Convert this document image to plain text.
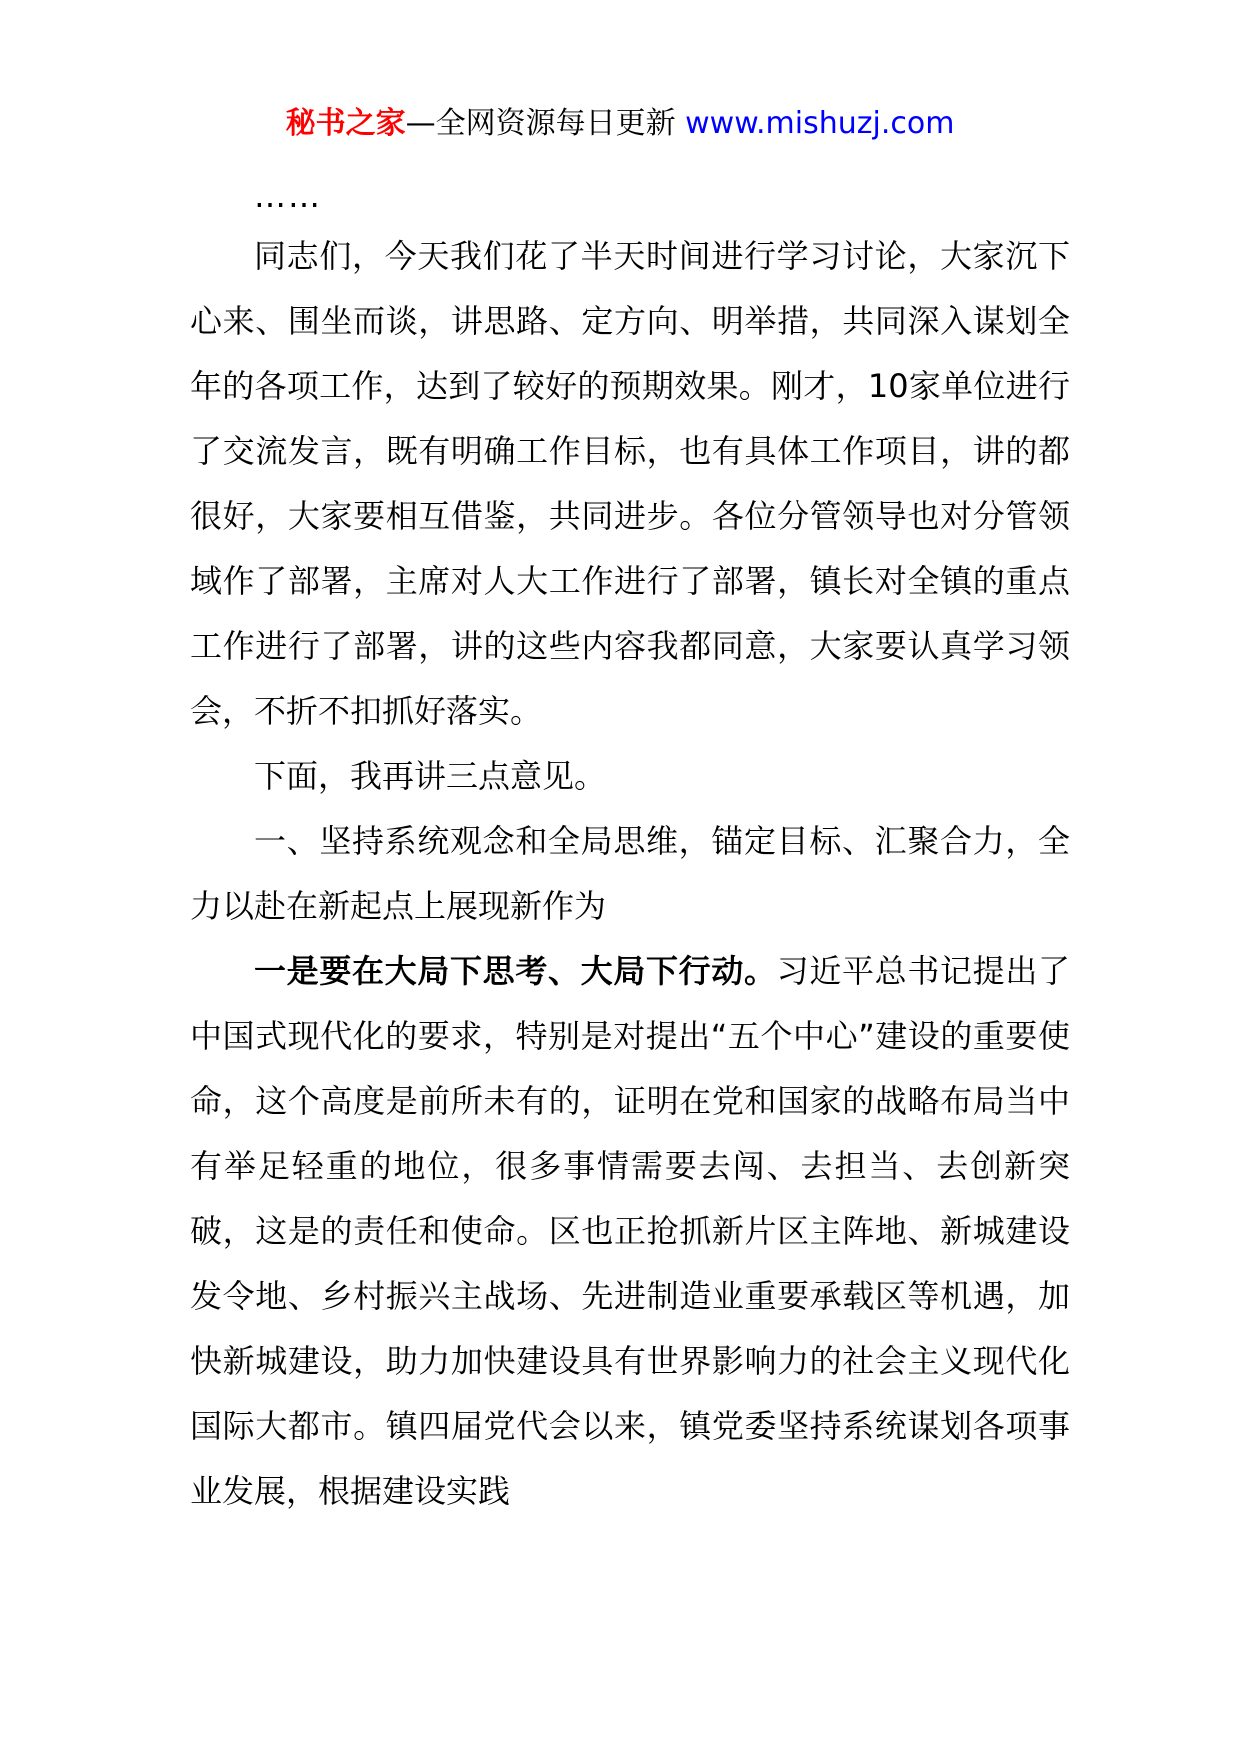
秘书之家—全网资源每日更新 www.mishuzj.com

……

同志们，今天我们花了半天时间进行学习讨论，大家沉下心来、围坐而谈，讲思路、定方向、明举措，共同深入谋划全年的各项工作，达到了较好的预期效果。刚才，10家单位进行了交流发言，既有明确工作目标，也有具体工作项目，讲的都很好，大家要相互借鉴，共同进步。各位分管领导也对分管领域作了部署，主席对人大工作进行了部署，镇长对全镇的重点工作进行了部署，讲的这些内容我都同意，大家要认真学习领会，不折不扣抓好落实。

下面，我再讲三点意见。

一、坚持系统观念和全局思维，锚定目标、汇聚合力，全力以赴在新起点上展现新作为

一是要在大局下思考、大局下行动。习近平总书记提出了中国式现代化的要求，特别是对提出“五个中心”建设的重要使命，这个高度是前所未有的，证明在党和国家的战略布局当中有举足轻重的地位，很多事情需要去闯、去担当、去创新突破，这是的责任和使命。区也正抢抓新片区主阵地、新城建设发令地、乡村振兴主战场、先进制造业重要承载区等机遇，加快新城建设，助力加快建设具有世界影响力的社会主义现代化国际大都市。镇四届党代会以来，镇党委坚持系统谋划各项事业发展，根据建设实践
